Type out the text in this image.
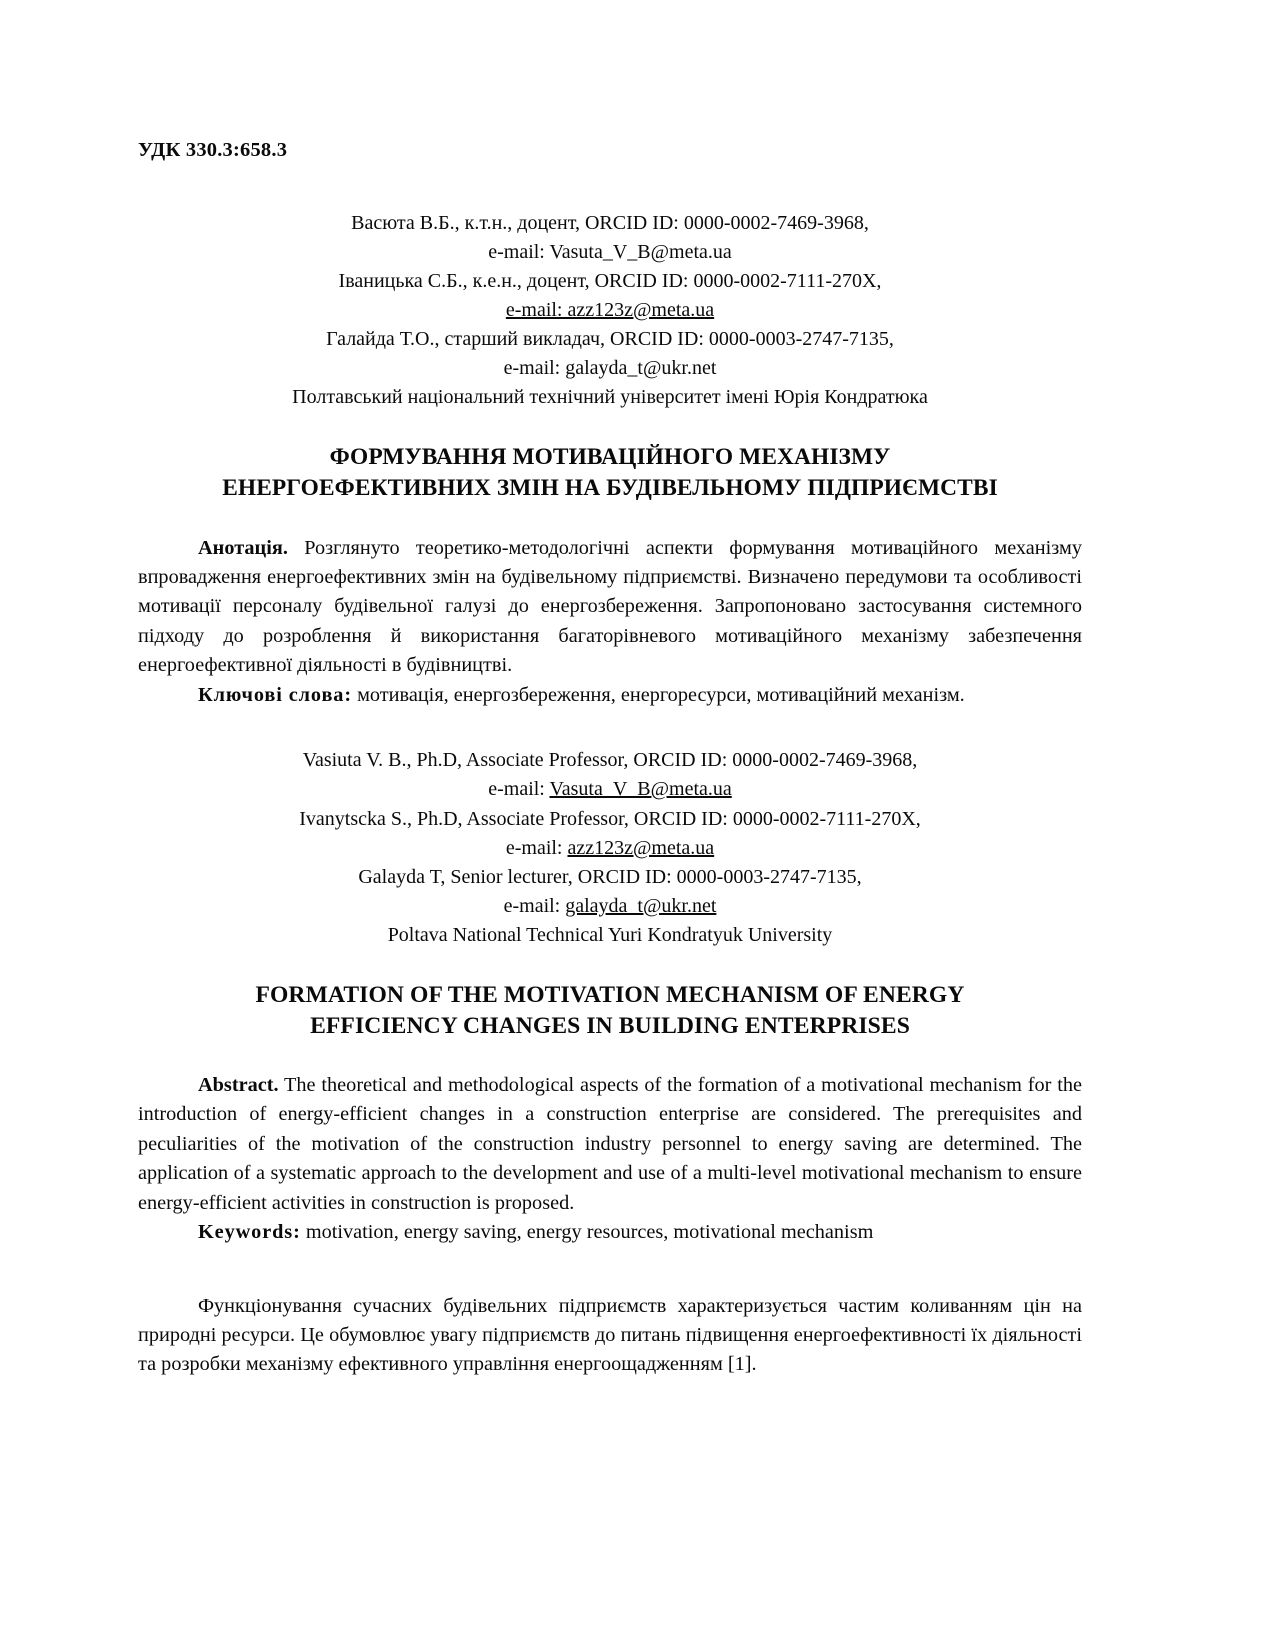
УДК 330.3:658.3
Васюта В.Б., к.т.н., доцент, ORCID ID: 0000-0002-7469-3968,
e-mail: Vasuta_V_B@meta.ua
Іваницька С.Б., к.е.н., доцент, ORCID ID: 0000-0002-7111-270X,
e-mail: azz123z@meta.ua
Галайда Т.О., старший викладач, ORCID ID: 0000-0003-2747-7135,
e-mail: galayda_t@ukr.net
Полтавський національний технічний університет імені Юрія Кондратюка
ФОРМУВАННЯ МОТИВАЦІЙНОГО МЕХАНІЗМУ
ЕНЕРГОЕФЕКТИВНИХ ЗМІН НА БУДІВЕЛЬНОМУ ПІДПРИЄМСТВІ

Анотація. Розглянуто теоретико-методологічні аспекти формування мотиваційного механізму впровадження енергоефективних змін на будівельному підприємстві. Визначено передумови та особливості мотивації персоналу будівельної галузі до енергозбереження. Запропоновано застосування системного підходу до розроблення й використання багаторівневого мотиваційного механізму забезпечення енергоефективної діяльності в будівництві.

Ключові слова: мотивація, енергозбереження, енергоресурси, мотиваційний механізм.

Vasiuta V. B., Ph.D, Associate Professor, ORCID ID: 0000-0002-7469-3968,
e-mail: Vasuta_V_B@meta.ua
Ivanytscka S., Ph.D, Associate Professor, ORCID ID: 0000-0002-7111-270X,
e-mail: azz123z@meta.ua
Galayda T, Senior lecturer, ORCID ID: 0000-0003-2747-7135,
e-mail: galayda_t@ukr.net
Poltava National Technical Yuri Kondratyuk University
FORMATION OF THE MOTIVATION MECHANISM OF ENERGY
EFFICIENCY CHANGES IN BUILDING ENTERPRISES

Abstract. The theoretical and methodological aspects of the formation of a motivational mechanism for the introduction of energy-efficient changes in a construction enterprise are considered. The prerequisites and peculiarities of the motivation of the construction industry personnel to energy saving are determined. The application of a systematic approach to the development and use of a multi-level motivational mechanism to ensure energy-efficient activities in construction is proposed.

Keywords: motivation, energy saving, energy resources, motivational mechanism

Функціонування сучасних будівельних підприємств характеризується частим коливанням цін на природні ресурси. Це обумовлює увагу підприємств до питань підвищення енергоефективності їх діяльності та розробки механізму ефективного управління енергоощадженням [1].
